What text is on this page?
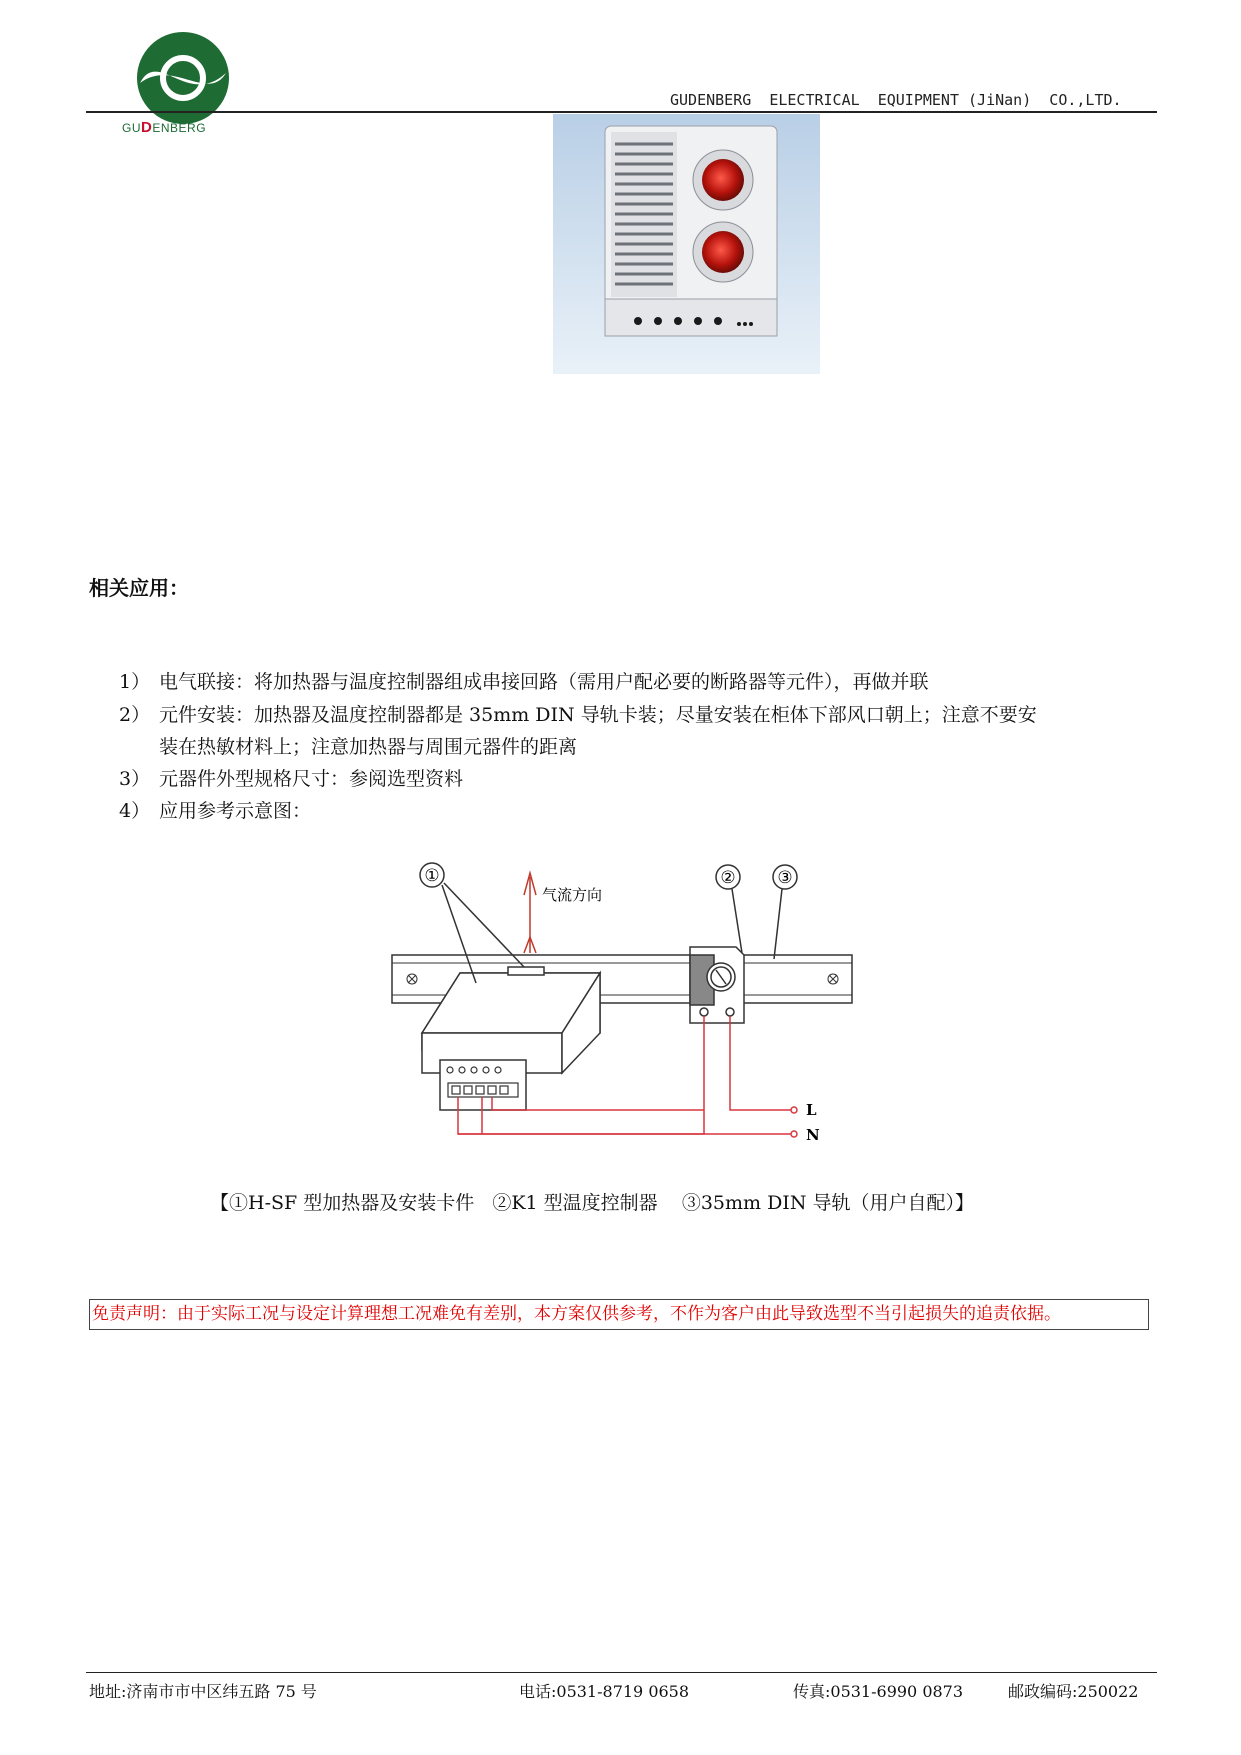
GUDENBERG
GUDENBERG  ELECTRICAL  EQUIPMENT (JiNan)  CO.,LTD.
相关应用：
1） 电气联接：将加热器与温度控制器组成串接回路（需用户配必要的断路器等元件），再做并联
2） 元件安装：加热器及温度控制器都是 35mm DIN 导轨卡装；尽量安装在柜体下部风口朝上；注意不要安
装在热敏材料上；注意加热器与周围元器件的距离
3） 元器件外型规格尺寸：参阅选型资料
4） 应用参考示意图：
①	② ③
气流方向
L
N
【①H-SF 型加热器及安装卡件   ②K1 型温度控制器    ③35mm DIN 导轨（用户自配）】
免责声明：由于实际工况与设定计算理想工况难免有差别，本方案仅供参考，不作为客户由此导致选型不当引起损失的追责依据。
地址:济南市市中区纬五路 75 号	电话:0531-8719 0658	传真:0531-6990 0873	邮政编码:250022
